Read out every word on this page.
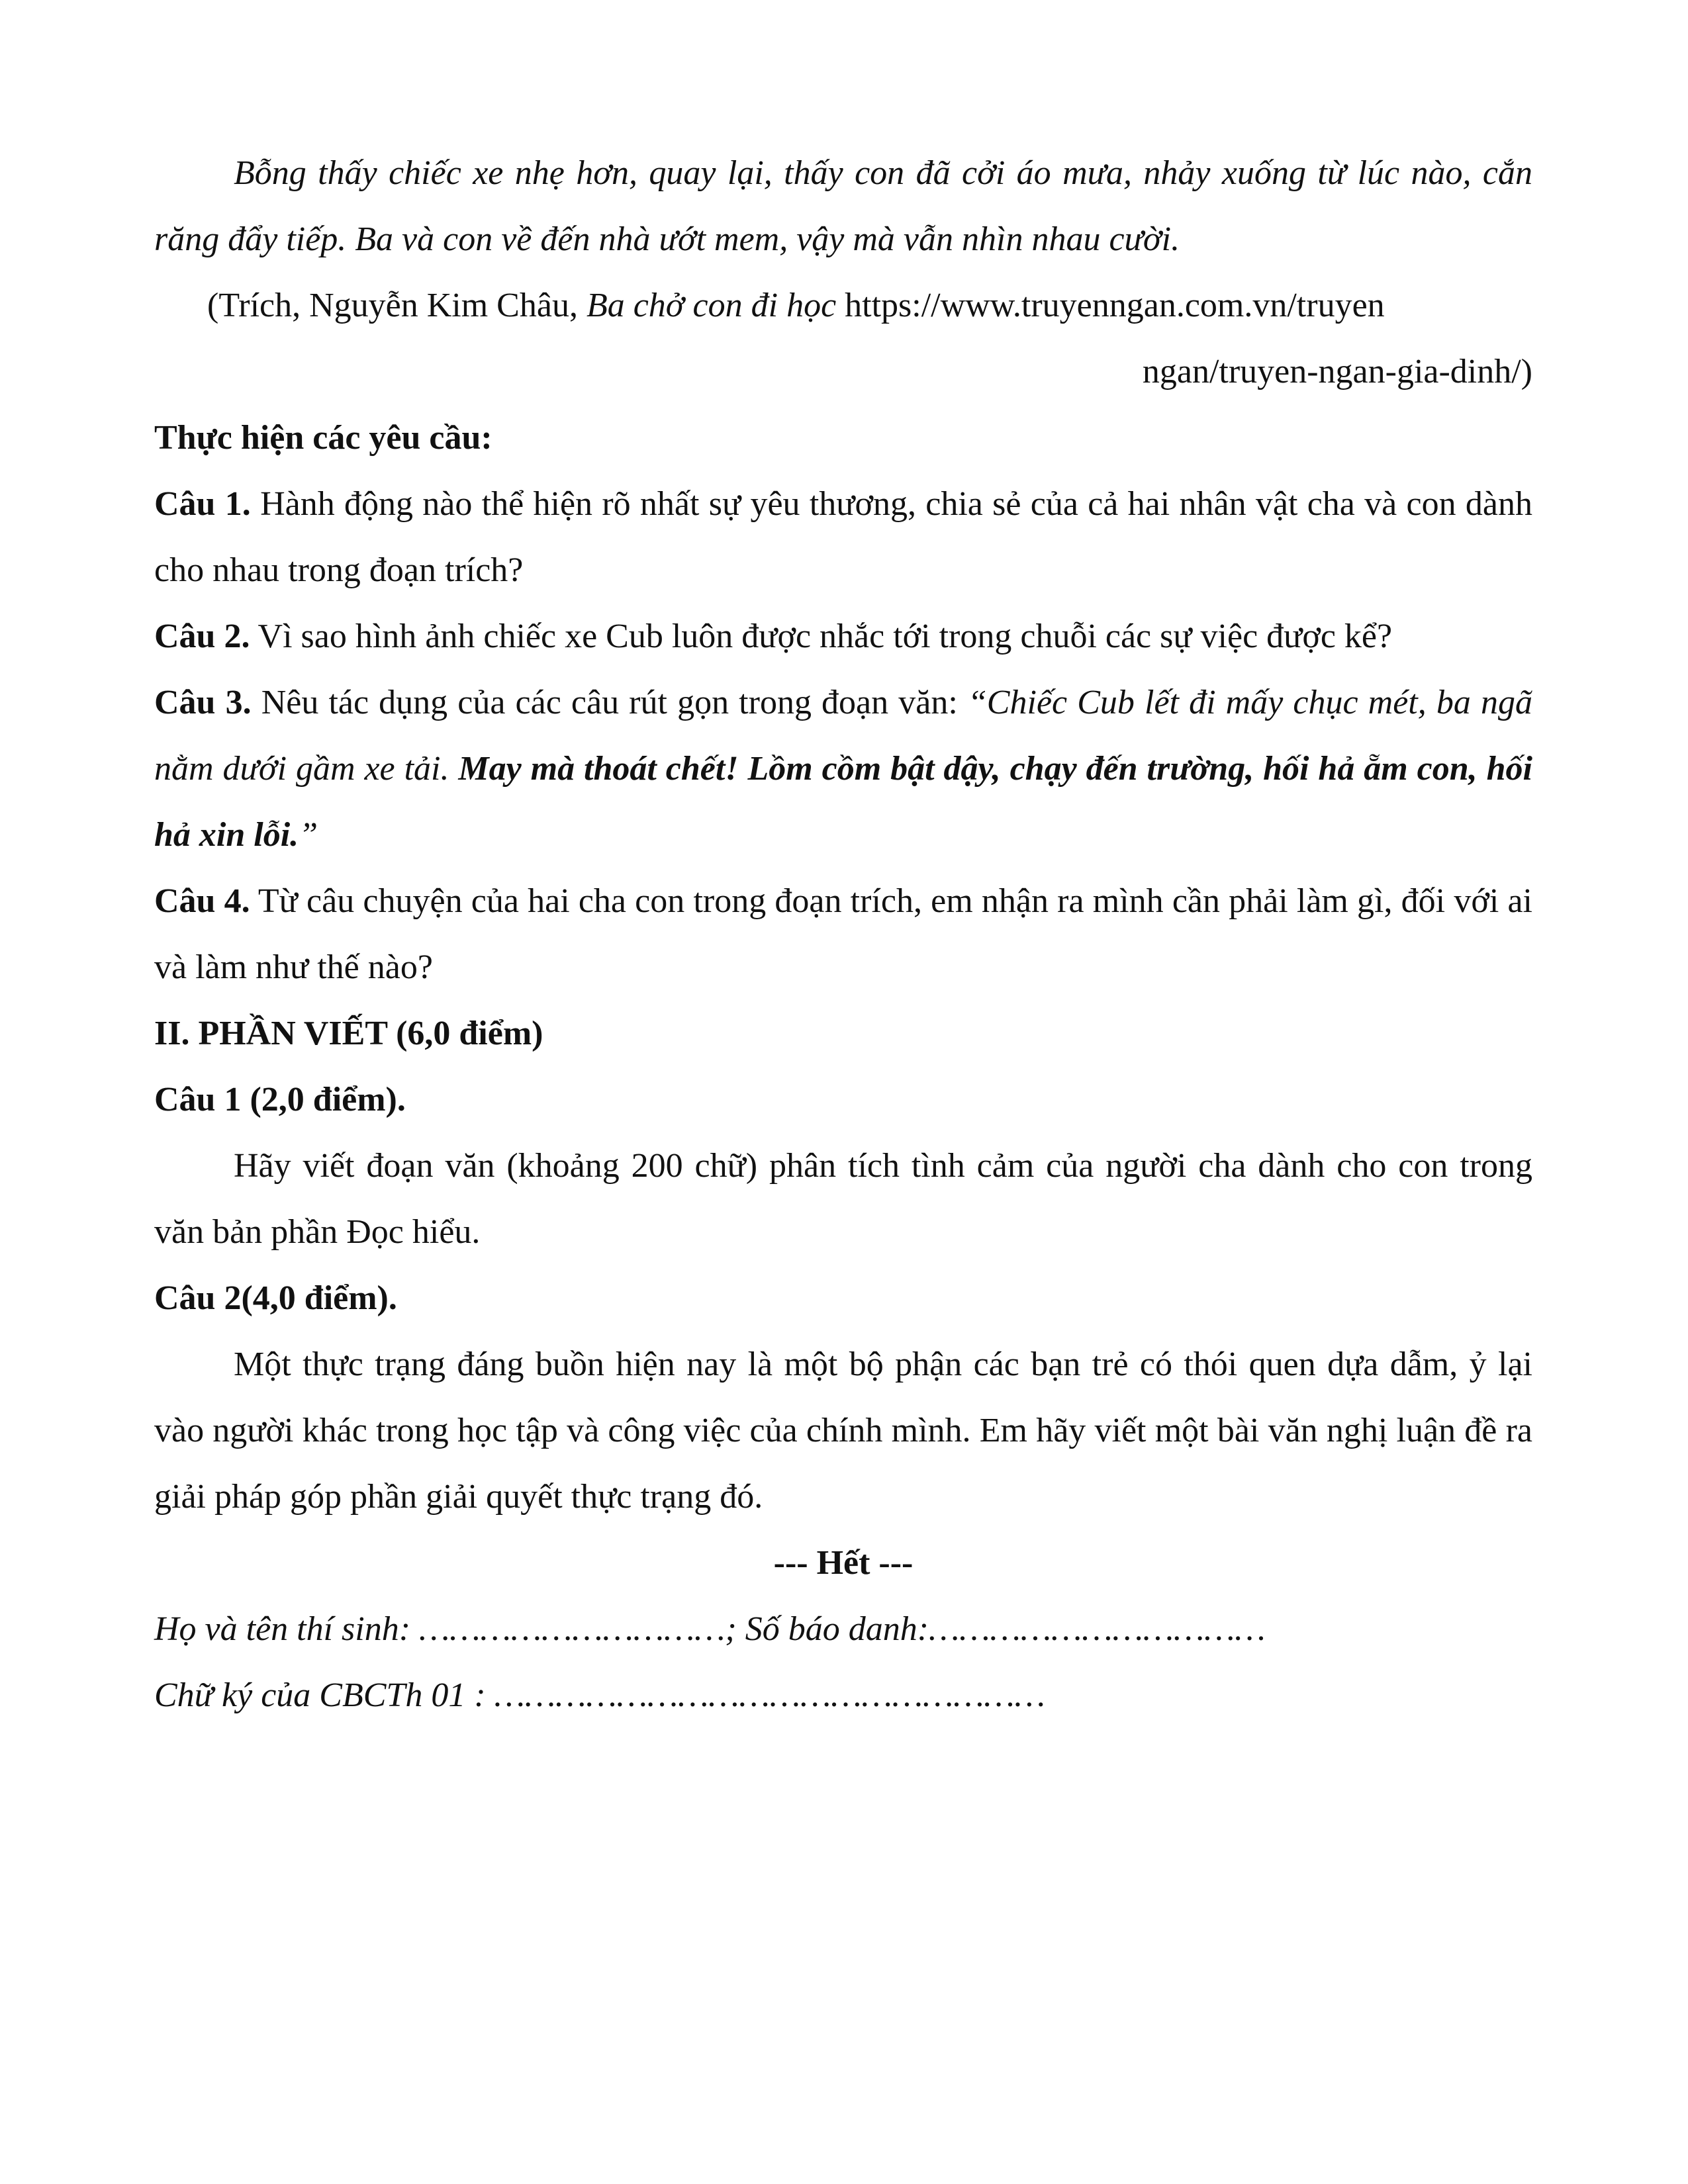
Bỗng thấy chiếc xe nhẹ hơn, quay lại, thấy con đã cởi áo mưa, nhảy xuống từ lúc nào, cắn răng đẩy tiếp. Ba và con về đến nhà ướt mem, vậy mà vẫn nhìn nhau cười.

(Trích, Nguyễn Kim Châu, Ba chở con đi học https://www.truyenngan.com.vn/truyen

ngan/truyen-ngan-gia-dinh/)

Thực hiện các yêu cầu:

Câu 1. Hành động nào thể hiện rõ nhất sự yêu thương, chia sẻ của cả hai nhân vật cha và con dành cho nhau trong đoạn trích?

Câu 2. Vì sao hình ảnh chiếc xe Cub luôn được nhắc tới trong chuỗi các sự việc được kể?

Câu 3. Nêu tác dụng của các câu rút gọn trong đoạn văn: “Chiếc Cub lết đi mấy chục mét, ba ngã nằm dưới gầm xe tải. May mà thoát chết! Lồm cồm bật dậy, chạy đến trường, hối hả ẵm con, hối hả xin lỗi.”

Câu 4. Từ câu chuyện của hai cha con trong đoạn trích, em nhận ra mình cần phải làm gì, đối với ai và làm như thế nào?

II. PHẦN VIẾT (6,0 điểm)

Câu 1 (2,0 điểm).

Hãy viết đoạn văn (khoảng 200 chữ) phân tích tình cảm của người cha dành cho con trong văn bản phần Đọc hiểu.

Câu 2(4,0 điểm).

Một thực trạng đáng buồn hiện nay là một bộ phận các bạn trẻ có thói quen dựa dẫm, ỷ lại vào người khác trong học tập và công việc của chính mình. Em hãy viết một bài văn nghị luận đề ra giải pháp góp phần giải quyết thực trạng đó.

--- Hết ---

Họ và tên thí sinh: …………………………; Số báo danh:……………………………

Chữ ký của CBCTh 01 : ………………………………………………
